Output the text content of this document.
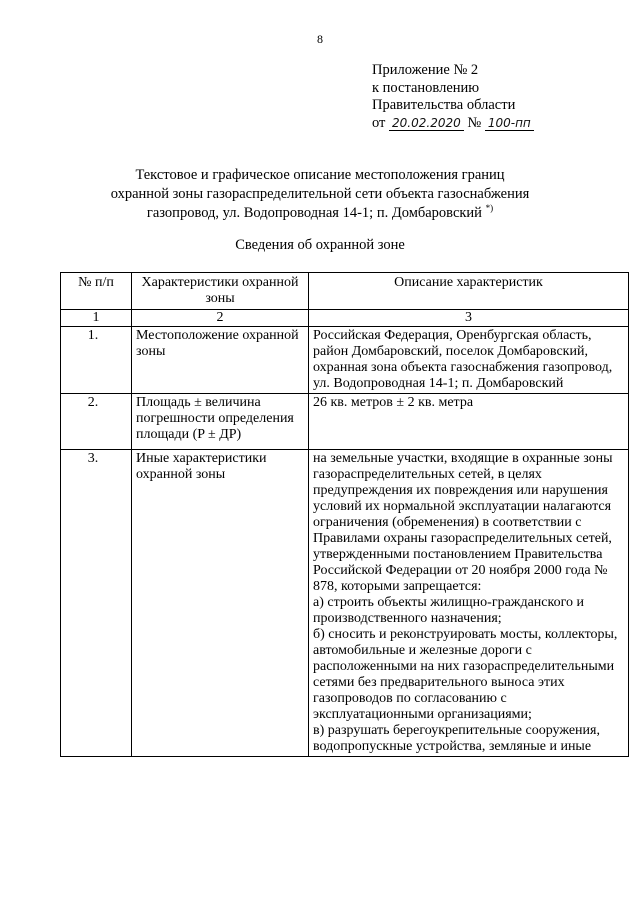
8
Приложение № 2
к постановлению
Правительства области
от 20.02.2020 № 100-пп
Текстовое и графическое описание местоположения границ
охранной зоны газораспределительной сети объекта газоснабжения
газопровод, ул. Водопроводная 14-1; п. Домбаровский *)
Сведения об охранной зоне
№ п/п	Характеристики охранной зоны	Описание характеристик
1	2	3
1.	Местоположение охранной зоны	Российская Федерация, Оренбургская область, район Домбаровский, поселок Домбаровский, охранная зона объекта газоснабжения газопровод, ул. Водопроводная 14-1; п. Домбаровский
2.	Площадь ± величина погрешности определения площади (P ± ДP)	26 кв. метров ± 2 кв. метра
3.	Иные характеристики охранной зоны	на земельные участки, входящие в охранные зоны газораспределительных сетей, в целях предупреждения их повреждения или нарушения условий их нормальной эксплуатации налагаются ограничения (обременения) в соответствии с Правилами охраны газораспределительных сетей, утвержденными постановлением Правительства Российской Федерации от 20 ноября 2000 года № 878, которыми запрещается:
а) строить объекты жилищно-гражданского и производственного назначения;
б) сносить и реконструировать мосты, коллекторы, автомобильные и железные дороги с расположенными на них газораспределительными сетями без предварительного выноса этих газопроводов по согласованию с эксплуатационными организациями;
в) разрушать берегоукрепительные сооружения, водопропускные устройства, земляные и иные
